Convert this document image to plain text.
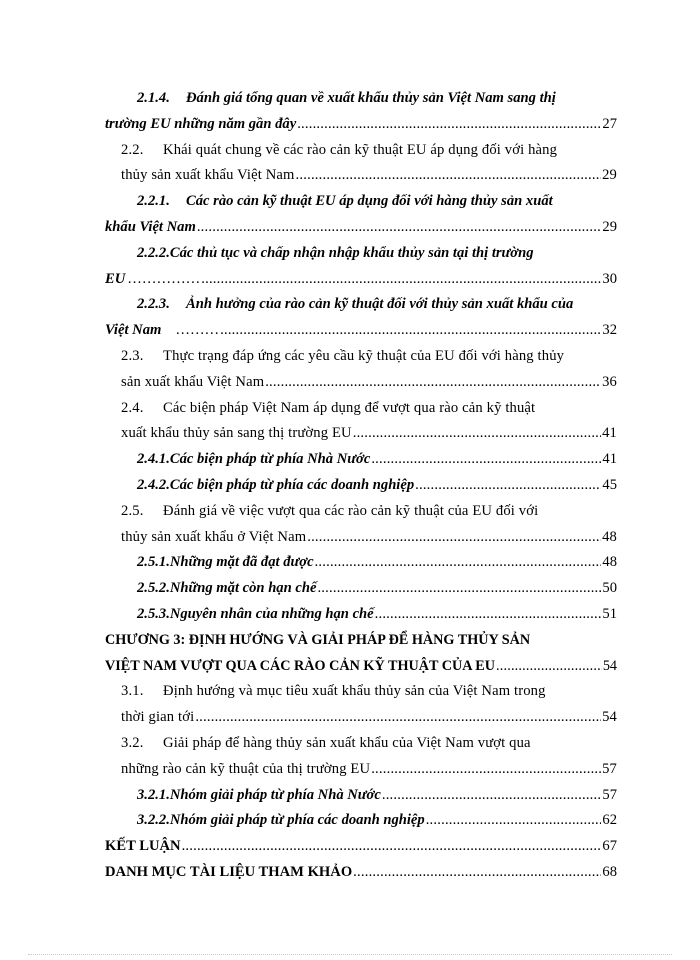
2.1.4.	Đánh giá tổng quan về xuất khẩu thủy sản Việt Nam sang thị
trường EU những năm gần đây .....	27
2.2.	Khái quát chung về các rào cản kỹ thuật EU áp dụng đối với hàng
thủy sản xuất khẩu Việt Nam .....	29
2.2.1.	Các rào cản kỹ thuật EU áp dụng đối với hàng thủy sản xuất
khẩu Việt Nam .....	29
2.2.2. Các thủ tục và chấp nhận nhập khẩu thủy sản tại thị trường
EU …………… .....	30
2.2.3.	Ảnh hưởng của rào cản kỹ thuật đối với thủy sản xuất khẩu của
Việt Nam ……… .....	32
2.3.	Thực trạng đáp ứng các yêu cầu kỹ thuật của EU đối với hàng thủy
sản xuất khẩu Việt Nam .....	36
2.4.	Các biện pháp Việt Nam áp dụng để vượt qua rào cản kỹ thuật
xuất khẩu thủy sản sang thị trường EU .....	41
2.4.1. Các biện pháp từ phía Nhà Nước .....	41
2.4.2. Các biện pháp từ phía các doanh nghiệp .....	45
2.5.	Đánh giá về việc vượt qua các rào cản kỹ thuật của EU đối với
thủy sản xuất khẩu ở Việt Nam .....	48
2.5.1. Những mặt đã đạt được .....	48
2.5.2. Những mặt còn hạn chế .....	50
2.5.3. Nguyên nhân của những hạn chế .....	51
CHƯƠNG 3: ĐỊNH HƯỚNG VÀ GIẢI PHÁP ĐỂ HÀNG THỦY SẢN
VIỆT NAM VƯỢT QUA CÁC RÀO CẢN KỸ THUẬT CỦA EU .....	54
3.1.	Định hướng và mục tiêu xuất khẩu thủy sản của Việt Nam trong
thời gian tới .....	54
3.2.	Giải pháp để hàng thủy sản xuất khẩu của Việt Nam vượt qua
những rào cản kỹ thuật của thị trường EU .....	57
3.2.1. Nhóm giải pháp từ phía Nhà Nước .....	57
3.2.2. Nhóm giải pháp từ phía các doanh nghiệp .....	62
KẾT LUẬN .....	67
DANH MỤC TÀI LIỆU THAM KHẢO .....	68
